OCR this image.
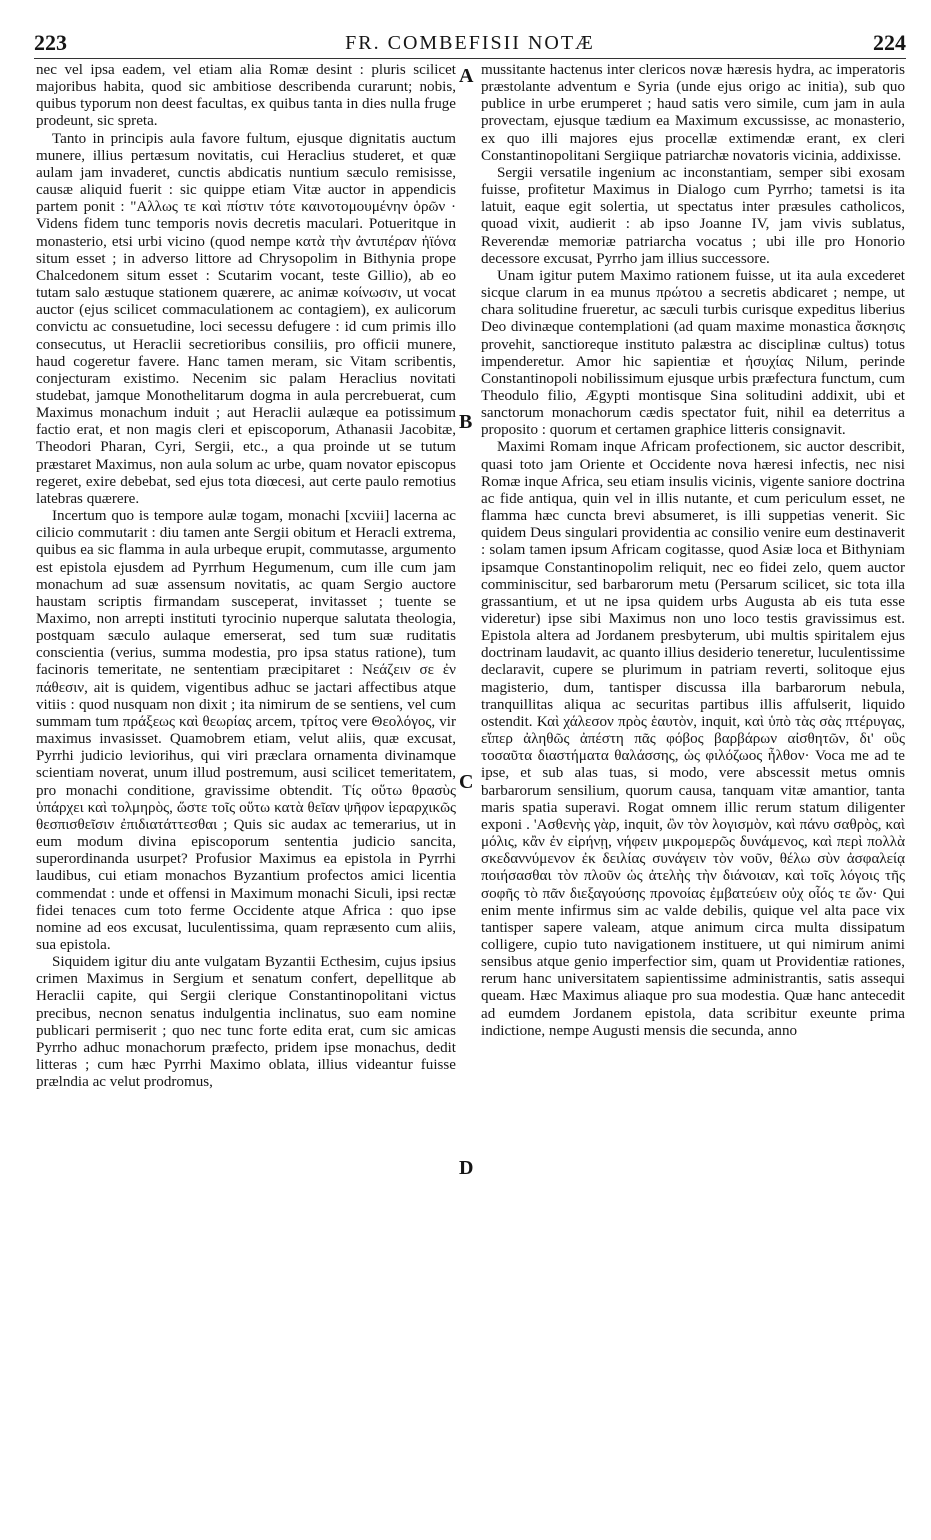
223	FR. COMBEFISII NOTÆ	224

nec vel ipsa eadem, vel etiam alia Romæ desint : pluris scilicet majoribus habita, quod sic ambitiose describenda curarunt; nobis, quibus typorum non deest facultas, ex quibus tanta in dies nulla fruge prodeunt, sic spreta.

Tanto in principis aula favore fultum, ejusque dignitatis auctum munere, illius pertæsum novitatis, cui Heraclius studeret, et quæ aulam jam invaderet, cunctis abdicatis nuntium sæculo remisisse, causæ aliquid fuerit : sic quippe etiam Vitæ auctor in appendicis partem ponit : "Αλλως τε καὶ πίστιν τότε καινοτομουμένην ὁρῶν · Videns fidem tunc temporis novis decretis maculari. Potueritque in monasterio, etsi urbi vicino (quod nempe κατὰ τὴν ἀντιπέραν ἠϊόνα situm esset ; in adverso littore ad Chrysopolim in Bithynia prope Chalcedonem situm esset : Scutarim vocant, teste Gillio), ab eo tutam salo æstuque stationem quærere, ac animæ κοίνωσιν, ut vocat auctor (ejus scilicet commaculationem ac contagiem), ex aulicorum convictu ac consuetudine, loci secessu defugere : id cum primis illo consecutus, ut Heraclii secretioribus consiliis, pro officii munere, haud cogeretur favere. Hanc tamen meram, sic Vitam scribentis, conjecturam existimo. Necenim sic palam Heraclius novitati studebat, jamque Monothelitarum dogma in aula percrebuerat, cum Maximus monachum induit ; aut Heraclii aulæque ea potissimum factio erat, et non magis cleri et episcoporum, Athanasii Jacobitæ, Theodori Pharan, Cyri, Sergii, etc., a qua proinde ut se tutum præstaret Maximus, non aula solum ac urbe, quam novator episcopus regeret, exire debebat, sed ejus tota diœcesi, aut certe paulo remotius latebras quærere.

Incertum quo is tempore aulæ togam, monachi [xcviii] lacerna ac cilicio commutarit : diu tamen ante Sergii obitum et Heracli extrema, quibus ea sic flamma in aula urbeque erupit, commutasse, argumento est epistola ejusdem ad Pyrrhum Hegumenum, cum ille cum jam monachum ad suæ assensum novitatis, ac quam Sergio auctore haustam scriptis firmandam susceperat, invitasset ; tuente se Maximo, non arrepti instituti tyrocinio nuperque salutata theologia, postquam sæculo aulaque emerserat, sed tum suæ ruditatis conscientia (verius, summa modestia, pro ipsa status ratione), tum facinoris temeritate, ne sententiam præcipitaret : Νεάζειν σε ἐν πάθεσιν, ait is quidem, vigentibus adhuc se jactari affectibus atque vitiis : quod nusquam non dixit ; ita nimirum de se sentiens, vel cum summam tum πράξεως καὶ θεωρίας arcem, τρίτος vere Θεολόγος, vir maximus invasisset. Quamobrem etiam, velut aliis, quæ excusat, Pyrrhi judicio leviorihus, qui viri præclara ornamenta divinamque scientiam noverat, unum illud postremum, ausi scilicet temeritatem, pro monachi conditione, gravissime obtendit. Τίς οὕτω θρασὺς ὑπάρχει καὶ τολμηρὸς, ὥστε τοῖς οὕτω κατὰ θεῖαν ψῆφον ἱεραρχικῶς θεσπισθεῖσιν ἐπιδιατάττεσθαι ; Quis sic audax ac temerarius, ut in eum modum divina episcoporum sententia judicio sancita, superordinanda usurpet? Profusior Maximus ea epistola in Pyrrhi laudibus, cui etiam monachos Byzantium profectos amici licentia commendat : unde et offensi in Maximum monachi Siculi, ipsi rectæ fidei tenaces cum toto ferme Occidente atque Africa : quo ipse nomine ad eos excusat, luculentissima, quam repræsento cum aliis, sua epistola.

Siquidem igitur diu ante vulgatam Byzantii Ecthesim, cujus ipsius crimen Maximus in Sergium et senatum confert, depellitque ab Heraclii capite, qui Sergii clerique Constantinopolitani victus precibus, necnon senatus indulgentia inclinatus, suo eam nomine publicari permiserit ; quo nec tunc forte edita erat, cum sic amicas Pyrrho adhuc monachorum præfecto, pridem ipse monachus, dedit litteras ; cum hæc Pyrrhi Maximo oblata, illius videantur fuisse prælndia ac velut prodromus,

A
B
C
D

mussitante hactenus inter clericos novæ hæresis hydra, ac imperatoris præstolante adventum e Syria (unde ejus origo ac initia), sub quo publice in urbe erumperet ; haud satis vero simile, cum jam in aula provectam, ejusque tædium ea Maximum excussisse, ac monasterio, ex quo illi majores ejus procellæ extimendæ erant, ex cleri Constantinopolitani Sergiique patriarchæ novatoris vicinia, addixisse.

Sergii versatile ingenium ac inconstantiam, semper sibi exosam fuisse, profitetur Maximus in Dialogo cum Pyrrho; tametsi is ita latuit, eaque egit solertia, ut spectatus inter præsules catholicos, quoad vixit, audierit : ab ipso Joanne IV, jam vivis sublatus, Reverendæ memoriæ patriarcha vocatus ; ubi ille pro Honorio decessore excusat, Pyrrho jam illius successore.

Unam igitur putem Maximo rationem fuisse, ut ita aula excederet sicque clarum in ea munus πρώτου a secretis abdicaret ; nempe, ut chara solitudine frueretur, ac sæculi turbis curisque expeditus liberius Deo divinæque contemplationi (ad quam maxime monastica ἄσκησις provehit, sanctioreque instituto palæstra ac disciplinæ cultus) totus impenderetur. Amor hic sapientiæ et ἡσυχίας Nilum, perinde Constantinopoli nobilissimum ejusque urbis præfectura functum, cum Theodulo filio, Ægypti montisque Sina solitudini addixit, ubi et sanctorum monachorum cædis spectator fuit, nihil ea deterritus a proposito : quorum et certamen graphice litteris consignavit.

Maximi Romam inque Africam profectionem, sic auctor describit, quasi toto jam Oriente et Occidente nova hæresi infectis, nec nisi Romæ inque Africa, seu etiam insulis vicinis, vigente saniore doctrina ac fide antiqua, quin vel in illis nutante, et cum periculum esset, ne flamma hæc cuncta brevi absumeret, is illi suppetias venerit. Sic quidem Deus singulari providentia ac consilio venire eum destinaverit : solam tamen ipsum Africam cogitasse, quod Asiæ loca et Bithyniam ipsamque Constantinopolim reliquit, nec eo fidei zelo, quem auctor comminiscitur, sed barbarorum metu (Persarum scilicet, sic tota illa grassantium, et ut ne ipsa quidem urbs Augusta ab eis tuta esse videretur) ipse sibi Maximus non uno loco testis gravissimus est. Epistola altera ad Jordanem presbyterum, ubi multis spiritalem ejus doctrinam laudavit, ac quanto illius desiderio teneretur, luculentissime declaravit, cupere se plurimum in patriam reverti, solitoque ejus magisterio, dum, tantisper discussa illa barbarorum nebula, tranquillitas aliqua ac securitas partibus illis affulserit, liquido ostendit. Καὶ χάλεσον πρὸς ἑαυτὸν, inquit, καὶ ὑπὸ τὰς σὰς πτέρυγας, εἴπερ ἀληθῶς ἀπέστη πᾶς φόβος βαρβάρων αἰσθητῶν, δι' οὓς τοσαῦτα διαστήματα θαλάσσης, ὡς φιλόζωος ἦλθον· Voca me ad te ipse, et sub alas tuas, si modo, vere abscessit metus omnis barbarorum sensilium, quorum causa, tanquam vitæ amantior, tanta maris spatia superavi. Rogat omnem illic rerum statum diligenter exponi . 'Ασθενὴς γὰρ, inquit, ὢν τὸν λογισμὸν, καὶ πάνυ σαθρὸς, καὶ μόλις, κἂν ἐν εἰρήνῃ, νήφειν μικρομερῶς δυνάμενος, καὶ περὶ πολλὰ σκεδαννύμενον ἐκ δειλίας συνάγειν τὸν νοῦν, θέλω σὺν ἀσφαλείᾳ ποιήσασθαι τὸν πλοῦν ὡς ἀτελὴς τὴν διάνοιαν, καὶ τοῖς λόγοις τῆς σοφῆς τὸ πᾶν διεξαγούσης προνοίας ἐμβατεύειν οὐχ οἷός τε ὤν· Qui enim mente infirmus sim ac valde debilis, quique vel alta pace vix tantisper sapere valeam, atque animum circa multa dissipatum colligere, cupio tuto navigationem instituere, ut qui nimirum animi sensibus atque genio imperfectior sim, quam ut Providentiæ rationes, rerum hanc universitatem sapientissime administrantis, satis assequi queam. Hæc Maximus aliaque pro sua modestia. Quæ hanc antecedit ad eumdem Jordanem epistola, data scribitur exeunte prima indictione, nempe Augusti mensis die secunda, anno
